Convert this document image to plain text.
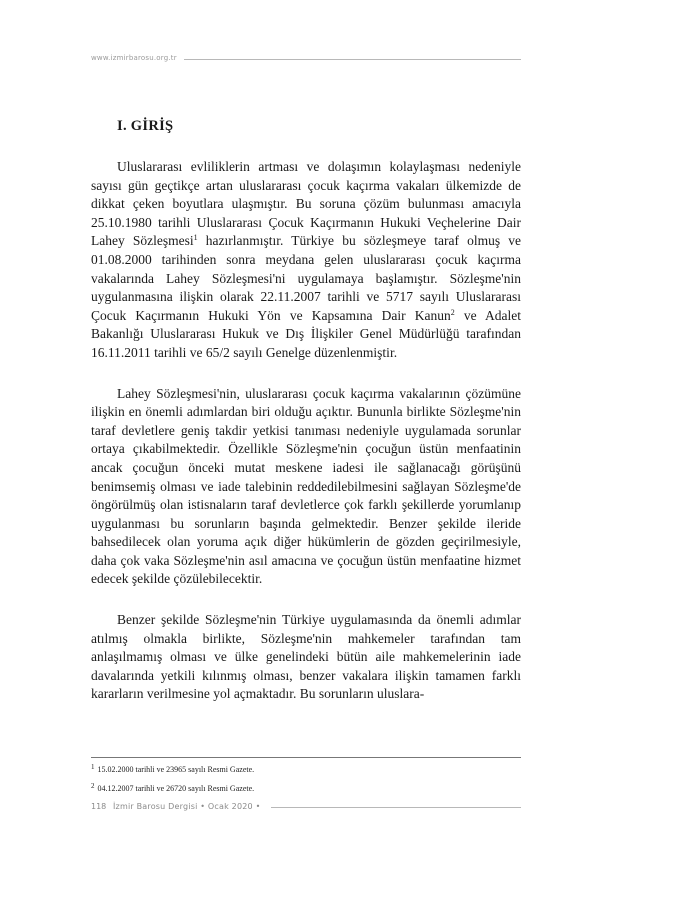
www.izmirbarosu.org.tr
I. GİRİŞ

Uluslararası evliliklerin artması ve dolaşımın kolaylaşması nedeniyle sayısı gün geçtikçe artan uluslararası çocuk kaçırma vakaları ülkemizde de dikkat çeken boyutlara ulaşmıştır. Bu soruna çözüm bulunması amacıyla 25.10.1980 tarihli Uluslararası Çocuk Kaçırmanın Hukuki Veçhelerine Dair Lahey Sözleşmesi$^1$ hazırlanmıştır. Türkiye bu sözleşmeye taraf olmuş ve 01.08.2000 tarihinden sonra meydana gelen uluslararası çocuk kaçırma vakalarında Lahey Sözleşmesi'ni uygulamaya başlamıştır. Sözleşme'nin uygulanmasına ilişkin olarak 22.11.2007 tarihli ve 5717 sayılı Uluslararası Çocuk Kaçırmanın Hukuki Yön ve Kapsamına Dair Kanun$^2$ ve Adalet Bakanlığı Uluslararası Hukuk ve Dış İlişkiler Genel Müdürlüğü tarafından 16.11.2011 tarihli ve 65/2 sayılı Genelge düzenlenmiştir.

Lahey Sözleşmesi'nin, uluslararası çocuk kaçırma vakalarının çözümüne ilişkin en önemli adımlardan biri olduğu açıktır. Bununla birlikte Sözleşme'nin taraf devletlere geniş takdir yetkisi tanıması nedeniyle uygulamada sorunlar ortaya çıkabilmektedir. Özellikle Sözleşme'nin çocuğun üstün menfaatinin ancak çocuğun önceki mutat meskene iadesi ile sağlanacağı görüşünü benimsemiş olması ve iade talebinin reddedilebilmesini sağlayan Sözleşme'de öngörülmüş olan istisnaların taraf devletlerce çok farklı şekillerde yorumlanıp uygulanması bu sorunların başında gelmektedir. Benzer şekilde ileride bahsedilecek olan yoruma açık diğer hükümlerin de gözden geçirilmesiyle, daha çok vaka Sözleşme'nin asıl amacına ve çocuğun üstün menfaatine hizmet edecek şekilde çözülebilecektir.

Benzer şekilde Sözleşme'nin Türkiye uygulamasında da önemli adımlar atılmış olmakla birlikte, Sözleşme'nin mahkemeler tarafından tam anlaşılmamış olması ve ülke genelindeki bütün aile mahkemelerinin iade davalarında yetkili kılınmış olması, benzer vakalara ilişkin tamamen farklı kararların verilmesine yol açmaktadır. Bu sorunların uluslara-

$^1$ 15.02.2000 tarihli ve 23965 sayılı Resmi Gazete.
$^2$ 04.12.2007 tarihli ve 26720 sayılı Resmi Gazete.
118 İzmir Barosu Dergisi • Ocak 2020 •
